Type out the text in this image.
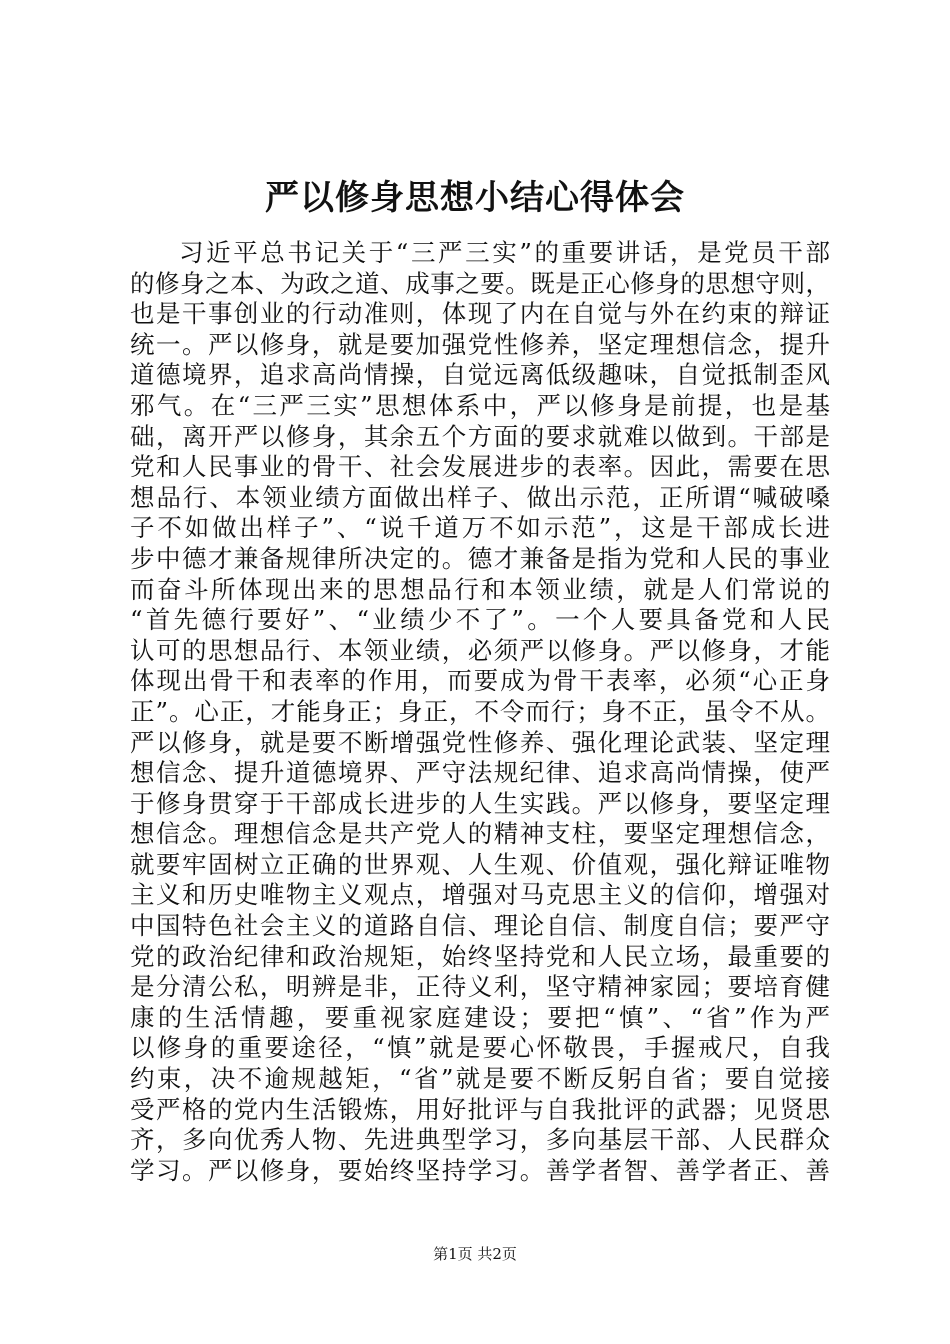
严以修身思想小结心得体会
习近平总书记关于“三严三实”的重要讲话，是党员干部
的修身之本、为政之道、成事之要。既是正心修身的思想守则，
也是干事创业的行动准则，体现了内在自觉与外在约束的辩证
统一。严以修身，就是要加强党性修养，坚定理想信念，提升
道德境界，追求高尚情操，自觉远离低级趣味，自觉抵制歪风
邪气。在“三严三实”思想体系中，严以修身是前提，也是基
础，离开严以修身，其余五个方面的要求就难以做到。干部是
党和人民事业的骨干、社会发展进步的表率。因此，需要在思
想品行、本领业绩方面做出样子、做出示范，正所谓“喊破嗓
子不如做出样子”、“说千道万不如示范”，这是干部成长进
步中德才兼备规律所决定的。德才兼备是指为党和人民的事业
而奋斗所体现出来的思想品行和本领业绩，就是人们常说的
“首先德行要好”、“业绩少不了”。一个人要具备党和人民
认可的思想品行、本领业绩，必须严以修身。严以修身，才能
体现出骨干和表率的作用，而要成为骨干表率，必须“心正身
正”。心正，才能身正；身正，不令而行；身不正，虽令不从。
严以修身，就是要不断增强党性修养、强化理论武装、坚定理
想信念、提升道德境界、严守法规纪律、追求高尚情操，使严
于修身贯穿于干部成长进步的人生实践。严以修身，要坚定理
想信念。理想信念是共产党人的精神支柱，要坚定理想信念，
就要牢固树立正确的世界观、人生观、价值观，强化辩证唯物
主义和历史唯物主义观点，增强对马克思主义的信仰，增强对
中国特色社会主义的道路自信、理论自信、制度自信；要严守
党的政治纪律和政治规矩，始终坚持党和人民立场，最重要的
是分清公私，明辨是非，正待义利，坚守精神家园；要培育健
康的生活情趣，要重视家庭建设；要把“慎”、“省”作为严
以修身的重要途径，“慎”就是要心怀敬畏，手握戒尺，自我
约束，决不逾规越矩，“省”就是要不断反躬自省；要自觉接
受严格的党内生活锻炼，用好批评与自我批评的武器；见贤思
齐，多向优秀人物、先进典型学习，多向基层干部、人民群众
学习。严以修身，要始终坚持学习。善学者智、善学者正、善
第1页 共2页
